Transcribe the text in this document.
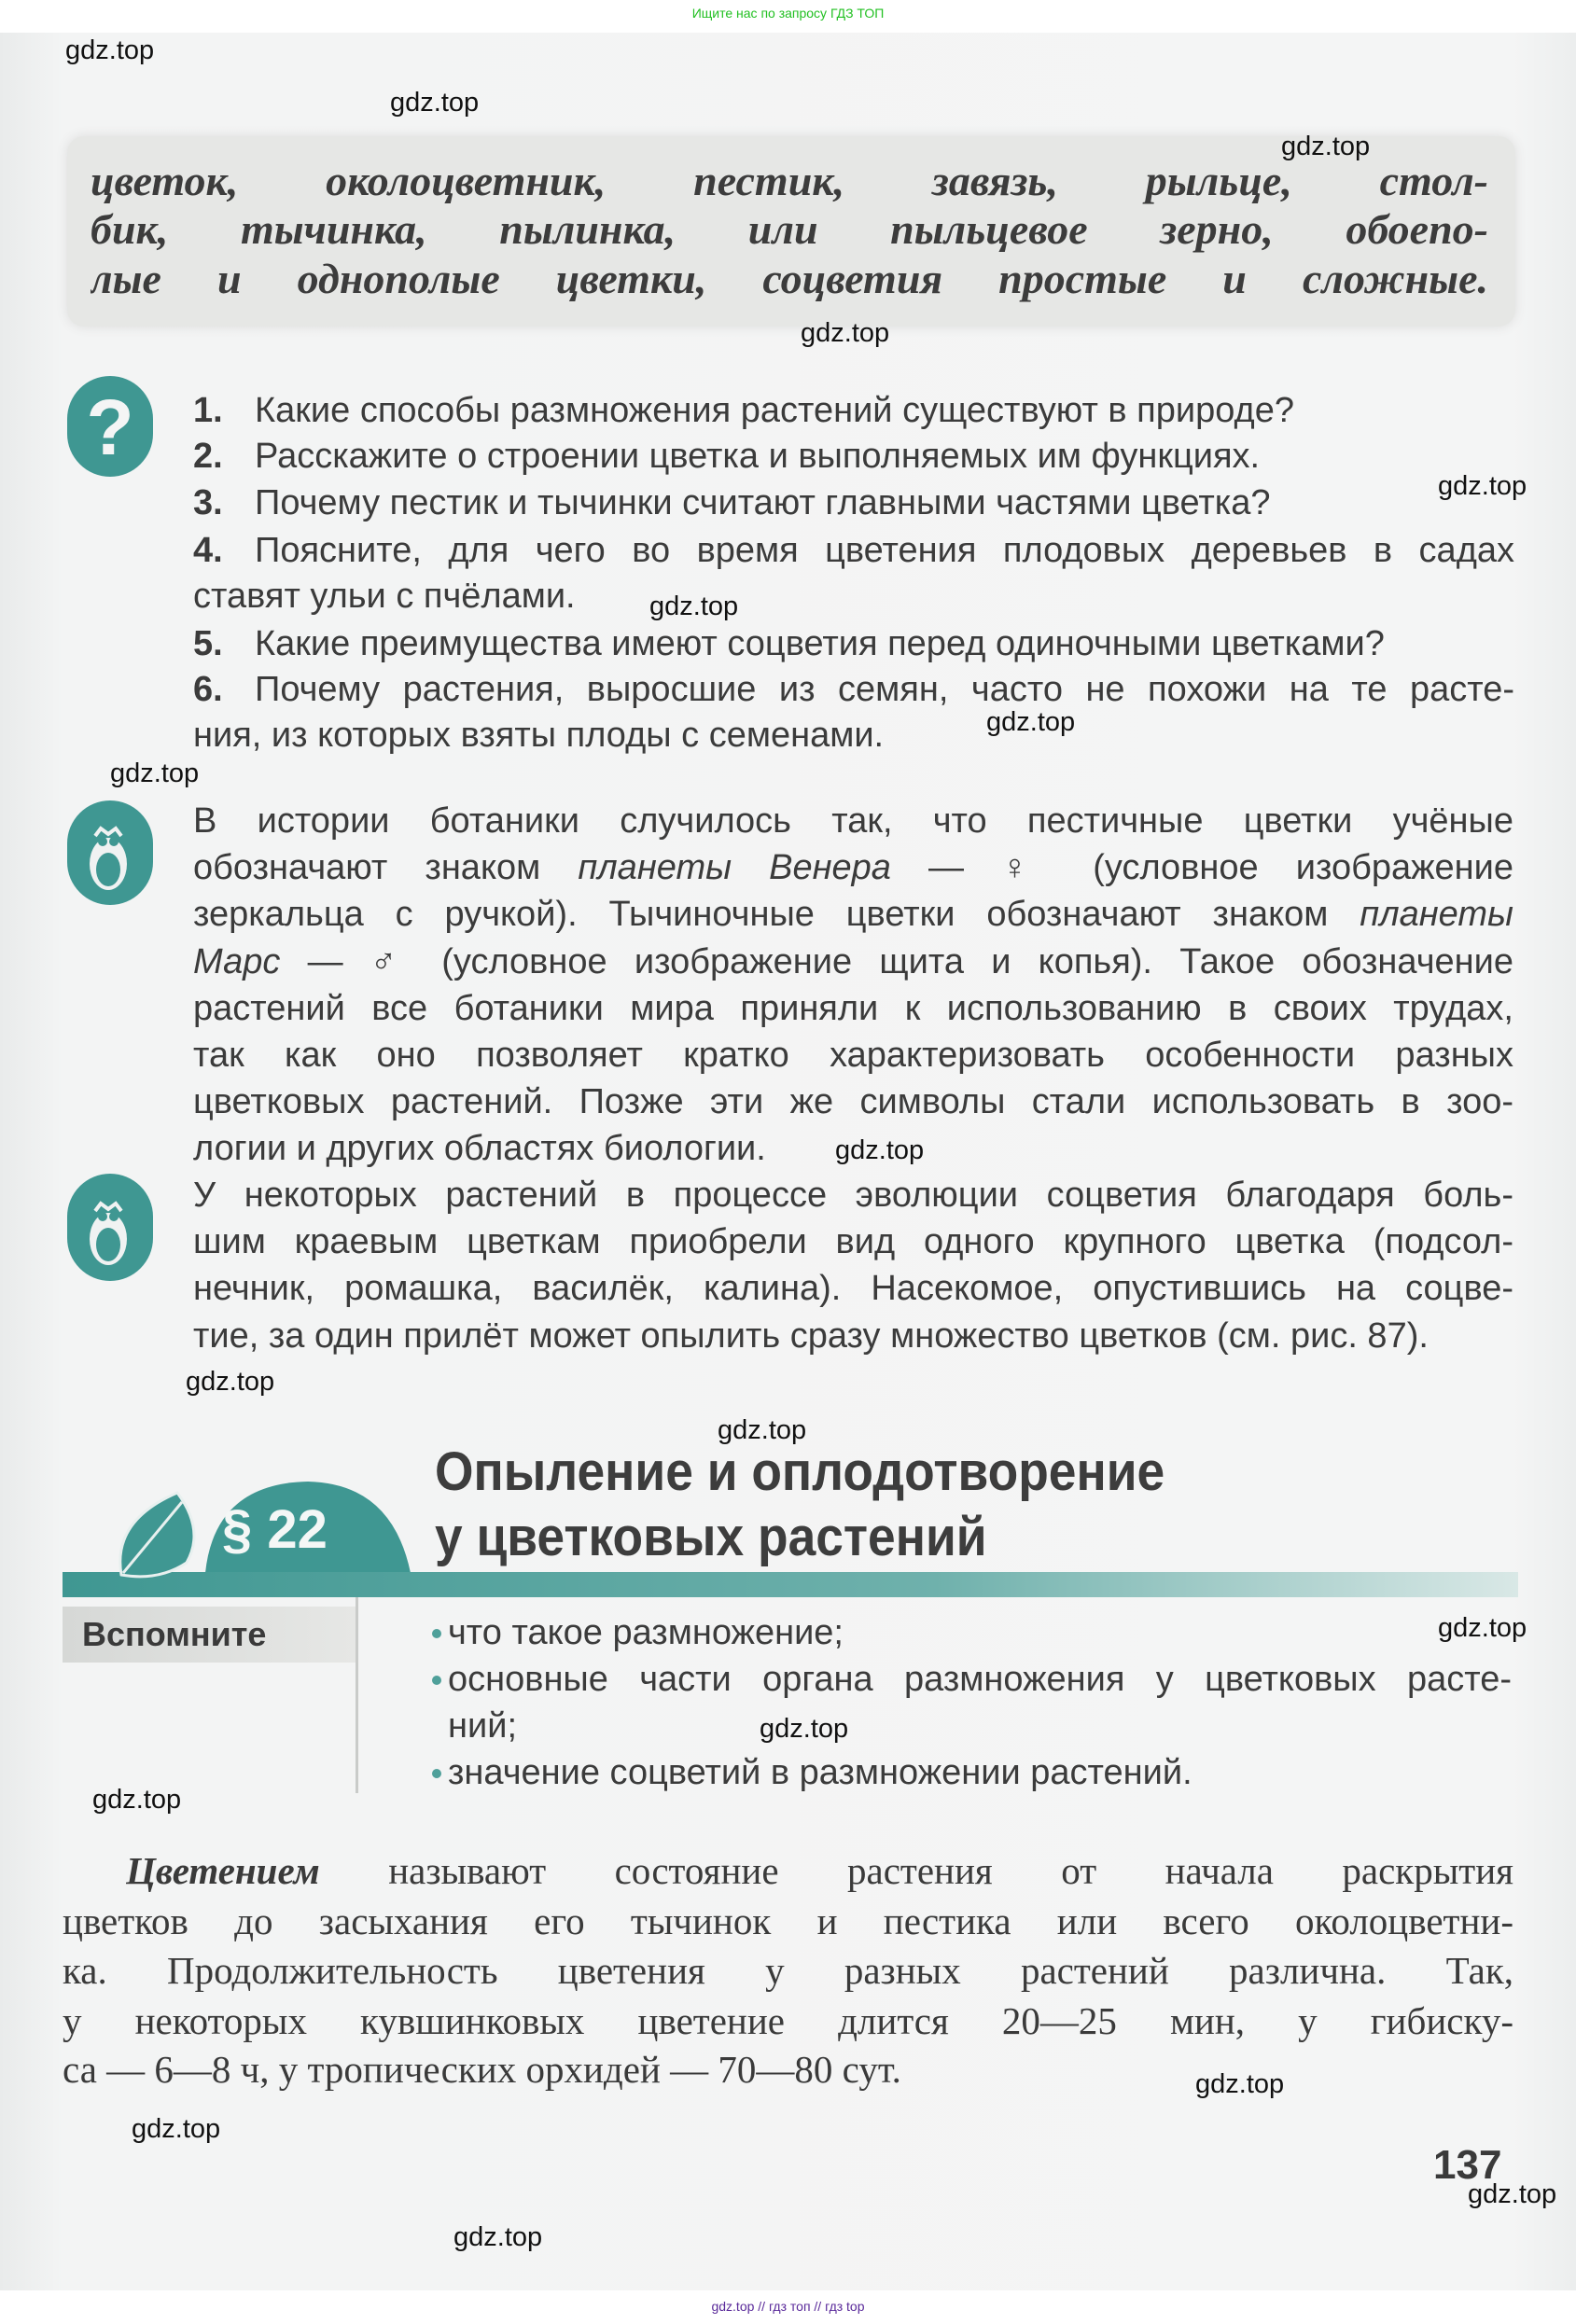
Ищите нас по запросу ГДЗ ТОП
цветок, околоцветник, пестик, завязь, рыльце, стол-
бик, тычинка, пылинка, или пыльцевое зерно, обоепо-
лые и однополые цветки, соцветия простые и сложные.
? 1. Какие способы размножения растений существуют в природе?
2. Расскажите о строении цветка и выполняемых им функциях.
3. Почему пестик и тычинки считают главными частями цветка?
4. Поясните, для чего во время цветения плодовых деревьев в садах
ставят ульи с пчёлами.
5. Какие преимущества имеют соцветия перед одиночными цветками?
6. Почему растения, выросшие из семян, часто не похожи на те расте-
ния, из которых взяты плоды с семенами.
В истории ботаники случилось так, что пестичные цветки учёные
обозначают знаком планеты Венера — ♀ (условное изображение
зеркальца с ручкой). Тычиночные цветки обозначают знаком планеты
Марс — ♂ (условное изображение щита и копья). Такое обозначение
растений все ботаники мира приняли к использованию в своих трудах,
так как оно позволяет кратко характеризовать особенности разных
цветковых растений. Позже эти же символы стали использовать в зоо-
логии и других областях биологии.
У некоторых растений в процессе эволюции соцветия благодаря боль-
шим краевым цветкам приобрели вид одного крупного цветка (подсол-
нечник, ромашка, василёк, калина). Насекомое, опустившись на соцве-
тие, за один прилёт может опылить сразу множество цветков (см. рис. 87).
§ 22
Опыление и оплодотворение
у цветковых растений
Вспомните	что такое размножение;
основные части органа размножения у цветковых расте-
ний;
значение соцветий в размножении растений.
Цветением называют состояние растения от начала раскрытия
цветков до засыхания его тычинок и пестика или всего околоцветни-
ка. Продолжительность цветения у разных растений различна. Так,
у некоторых кувшинковых цветение длится 20—25 мин, у гибиску-
са — 6—8 ч, у тропических орхидей — 70—80 сут.
137
gdz.top // гдз топ // гдз top
gdz.top
gdz.top
gdz.top
gdz.top
gdz.top
gdz.top
gdz.top
gdz.top
gdz.top
gdz.top
gdz.top
gdz.top
gdz.top
gdz.top
gdz.top
gdz.top
gdz.top
gdz.top
